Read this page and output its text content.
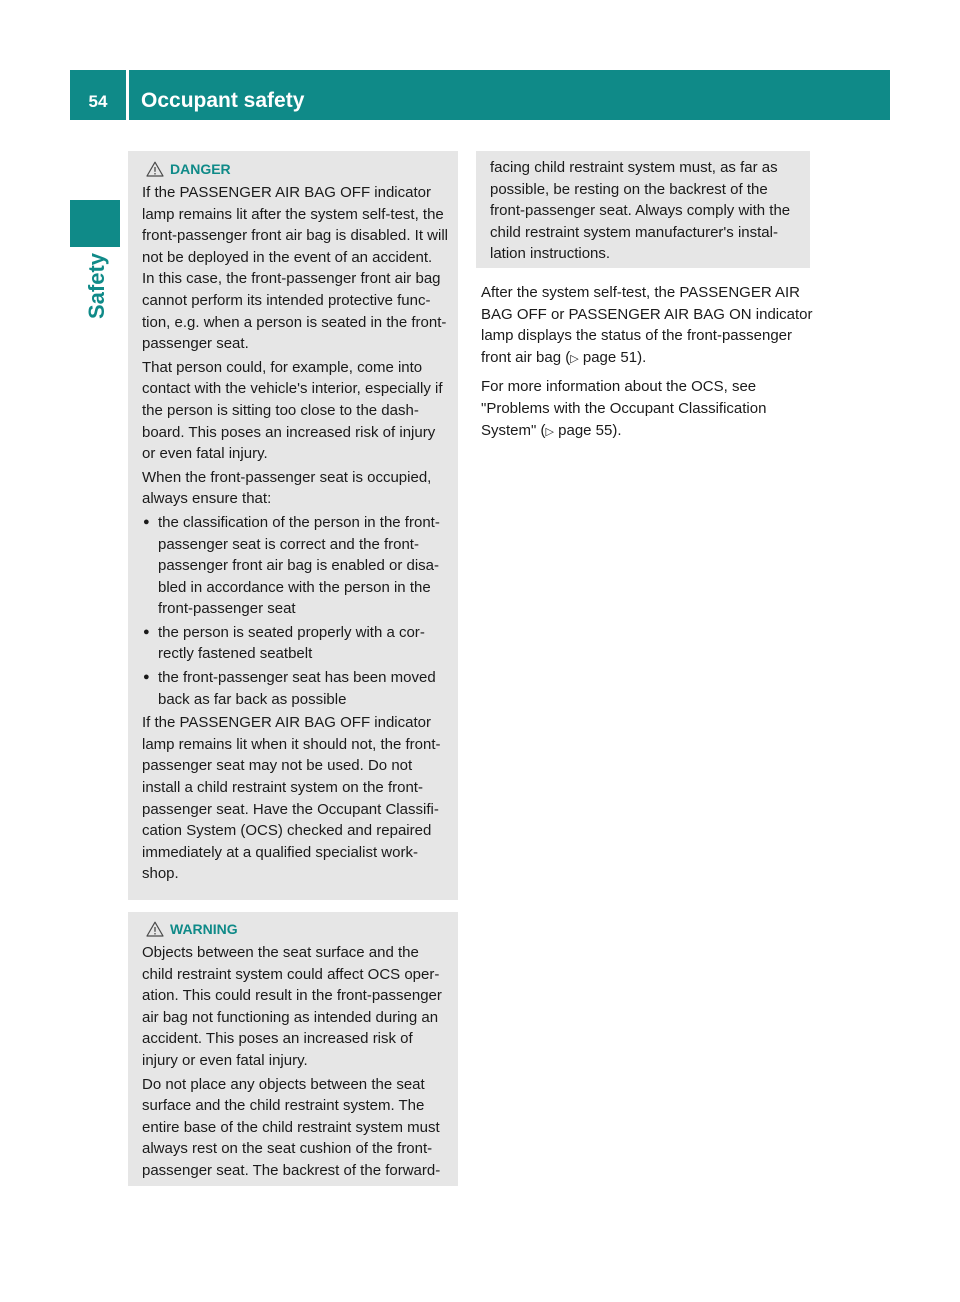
54	Occupant safety
Safety
DANGER

If the PASSENGER AIR BAG OFF indicator lamp remains lit after the system self-test, the front-passenger front air bag is disabled. It will not be deployed in the event of an accident. In this case, the front-passenger front air bag cannot perform its intended protective function, e.g. when a person is seated in the front-passenger seat.

That person could, for example, come into contact with the vehicle's interior, especially if the person is sitting too close to the dashboard. This poses an increased risk of injury or even fatal injury.

When the front-passenger seat is occupied, always ensure that:

● the classification of the person in the front-passenger seat is correct and the front-passenger front air bag is enabled or disabled in accordance with the person in the front-passenger seat
● the person is seated properly with a correctly fastened seatbelt
● the front-passenger seat has been moved back as far back as possible

If the PASSENGER AIR BAG OFF indicator lamp remains lit when it should not, the front-passenger seat may not be used. Do not install a child restraint system on the front-passenger seat. Have the Occupant Classification System (OCS) checked and repaired immediately at a qualified specialist workshop.

WARNING

Objects between the seat surface and the child restraint system could affect OCS operation. This could result in the front-passenger air bag not functioning as intended during an accident. This poses an increased risk of injury or even fatal injury.

Do not place any objects between the seat surface and the child restraint system. The entire base of the child restraint system must always rest on the seat cushion of the front-passenger seat. The backrest of the forward-

facing child restraint system must, as far as possible, be resting on the backrest of the front-passenger seat. Always comply with the child restraint system manufacturer's installation instructions.

After the system self-test, the PASSENGER AIR BAG OFF or PASSENGER AIR BAG ON indicator lamp displays the status of the front-passenger front air bag (▷ page 51).

For more information about the OCS, see "Problems with the Occupant Classification System" (▷ page 55).
